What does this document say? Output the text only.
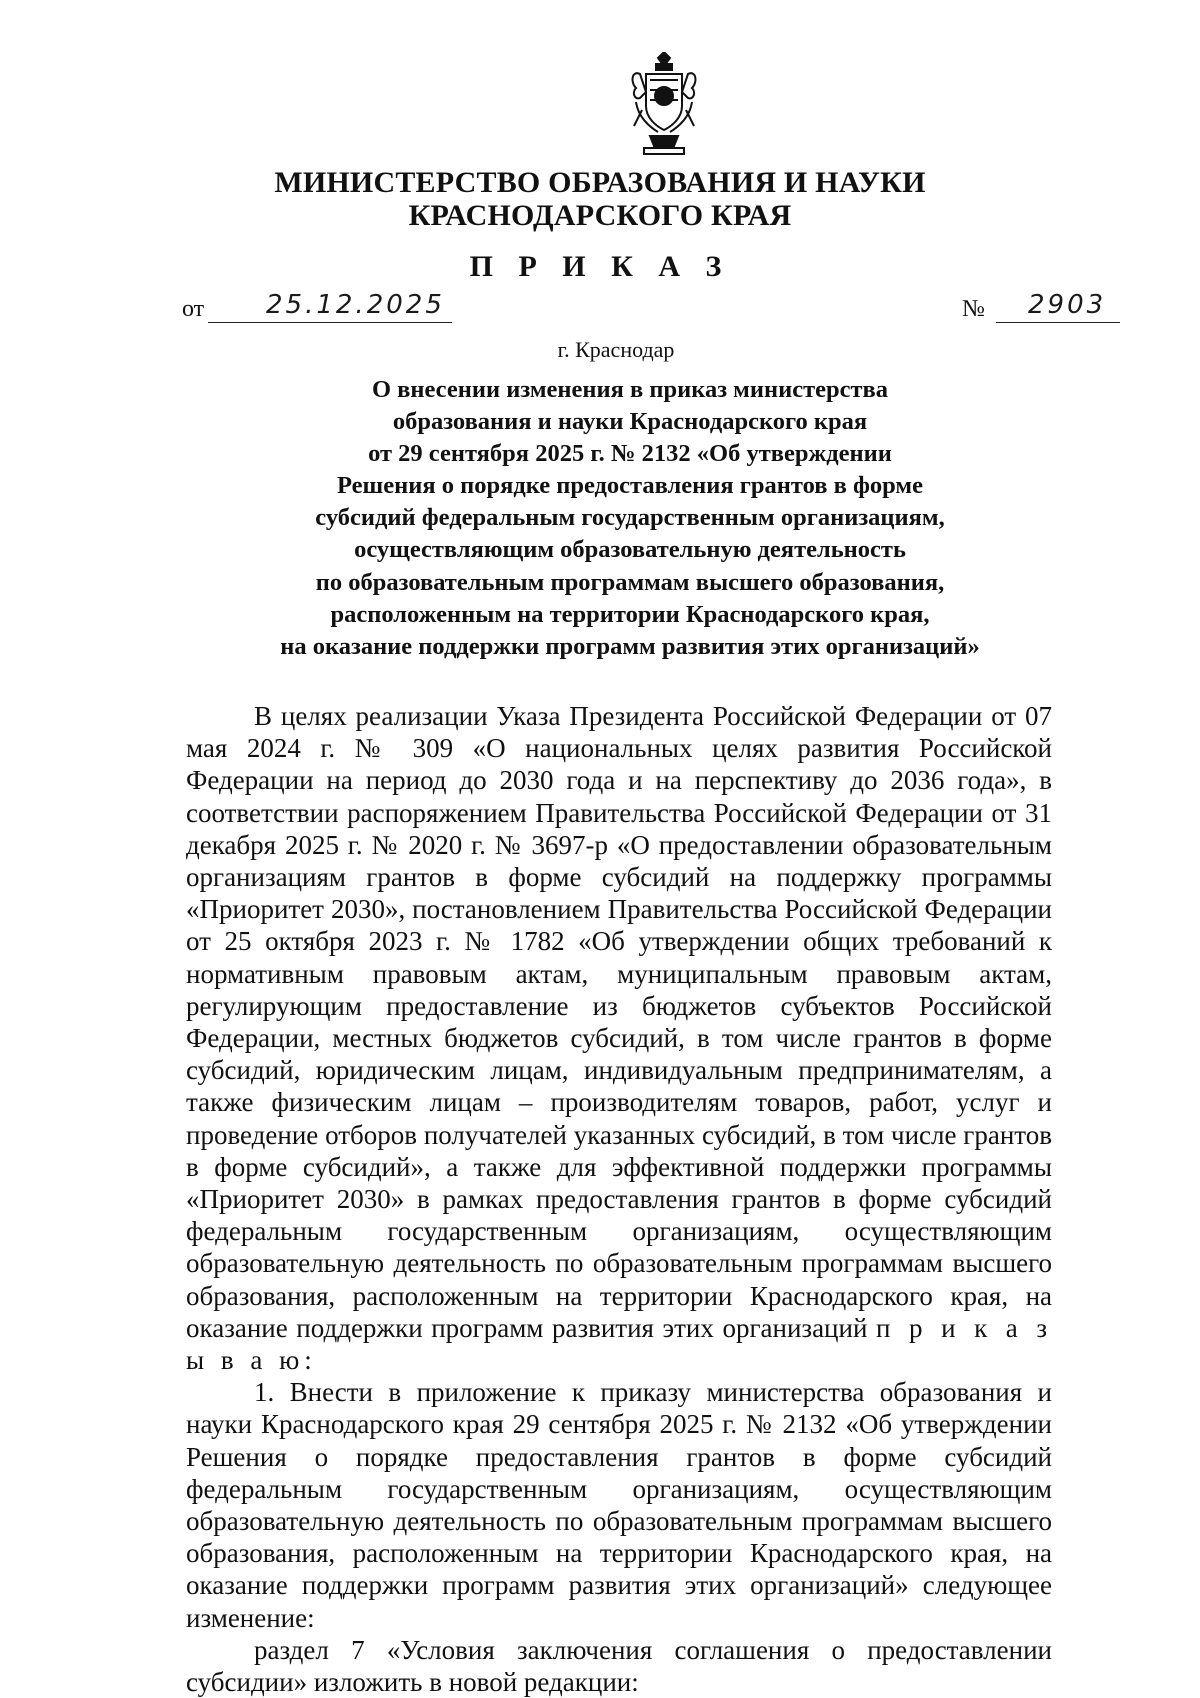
МИНИСТЕРСТВО ОБРАЗОВАНИЯ И НАУКИ
КРАСНОДАРСКОГО КРАЯ
П Р И К А З
от 25.12.2025	№ 2903
г. Краснодар
О внесении изменения в приказ министерства
образования и науки Краснодарского края
от 29 сентября 2025 г. № 2132 «Об утверждении
Решения о порядке предоставления грантов в форме
субсидий федеральным государственным организациям,
осуществляющим образовательную деятельность
по образовательным программам высшего образования,
расположенным на территории Краснодарского края,
на оказание поддержки программ развития этих организаций»

В целях реализации Указа Президента Российской Федерации от 07 мая 2024 г. № 309 «О национальных целях развития Российской Федерации на период до 2030 года и на перспективу до 2036 года», в соответствии распоряжением Правительства Российской Федерации от 31 декабря 2025 г. № 2020 г. № 3697-р «О предоставлении образовательным организациям грантов в форме субсидий на поддержку программы «Приоритет 2030», постановлением Правительства Российской Федерации от 25 октября 2023 г. № 1782 «Об утверждении общих требований к нормативным правовым актам, муниципальным правовым актам, регулирующим предоставление из бюджетов субъектов Российской Федерации, местных бюджетов субсидий, в том числе грантов в форме субсидий, юридическим лицам, индивидуальным предпринимателям, а также физическим лицам – производителям товаров, работ, услуг и проведение отборов получателей указанных субсидий, в том числе грантов в форме субсидий», а также для эффективной поддержки программы «Приоритет 2030» в рамках предоставления грантов в форме субсидий федеральным государственным организациям, осуществляющим образовательную деятельность по образовательным программам высшего образования, расположенным на территории Краснодарского края, на оказание поддержки программ развития этих организаций п р и к а з ы в а ю:

1. Внести в приложение к приказу министерства образования и науки Краснодарского края 29 сентября 2025 г. № 2132 «Об утверждении Решения о порядке предоставления грантов в форме субсидий федеральным государственным организациям, осуществляющим образовательную деятельность по образовательным программам высшего образования, расположенным на территории Краснодарского края, на оказание поддержки программ развития этих организаций» следующее изменение:

раздел 7 «Условия заключения соглашения о предоставлении субсидии» изложить в новой редакции:
